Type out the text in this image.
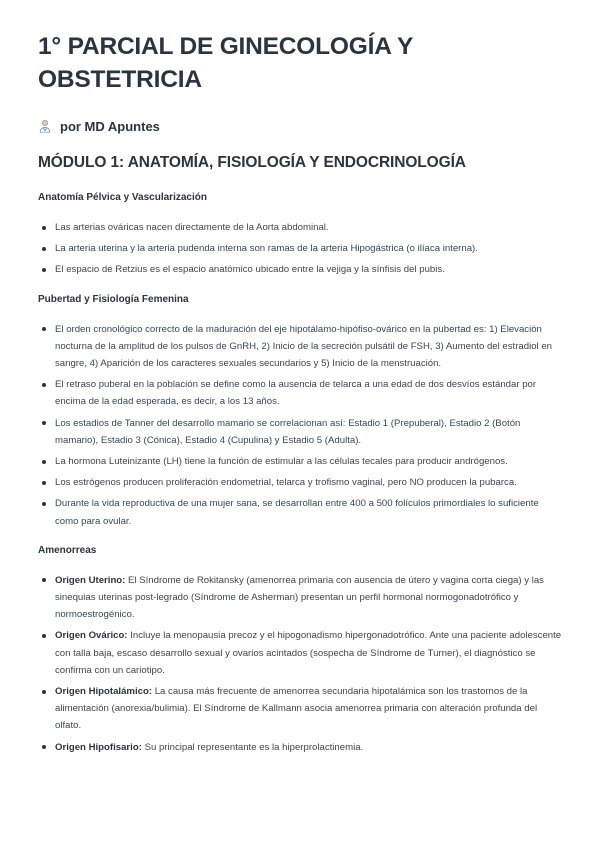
1° PARCIAL DE GINECOLOGÍA Y OBSTETRICIA
por MD Apuntes
MÓDULO 1: ANATOMÍA, FISIOLOGÍA Y ENDOCRINOLOGÍA
Anatomía Pélvica y Vascularización
Las arterias ováricas nacen directamente de la Aorta abdominal.
La arteria uterina y la arteria pudenda interna son ramas de la arteria Hipogástrica (o ilíaca interna).
El espacio de Retzius es el espacio anatómico ubicado entre la vejiga y la sínfisis del pubis.
Pubertad y Fisiología Femenina
El orden cronológico correcto de la maduración del eje hipotálamo-hipófiso-ovárico en la pubertad es: 1) Elevación nocturna de la amplitud de los pulsos de GnRH, 2) Inicio de la secreción pulsátil de FSH, 3) Aumento del estradiol en sangre, 4) Aparición de los caracteres sexuales secundarios y 5) Inicio de la menstruación.
El retraso puberal en la población se define como la ausencia de telarca a una edad de dos desvíos estándar por encima de la edad esperada, es decir, a los 13 años.
Los estadios de Tanner del desarrollo mamario se correlacionan así: Estadio 1 (Prepuberal), Estadio 2 (Botón mamario), Estadio 3 (Cónica), Estadio 4 (Cupulina) y Estadio 5 (Adulta).
La hormona Luteinizante (LH) tiene la función de estimular a las células tecales para producir andrógenos.
Los estrógenos producen proliferación endometrial, telarca y trofismo vaginal, pero NO producen la pubarca.
Durante la vida reproductiva de una mujer sana, se desarrollan entre 400 a 500 folículos primordiales lo suficiente como para ovular.
Amenorreas
Origen Uterino: El Síndrome de Rokitansky (amenorrea primaria con ausencia de útero y vagina corta ciega) y las sinequias uterinas post-legrado (Síndrome de Asherman) presentan un perfil hormonal normogonadotrófico y normoestrogénico.
Origen Ovárico: Incluye la menopausia precoz y el hipogonadismo hipergonadotrófico. Ante una paciente adolescente con talla baja, escaso desarrollo sexual y ovarios acintados (sospecha de Síndrome de Turner), el diagnóstico se confirma con un cariotipo.
Origen Hipotalámico: La causa más frecuente de amenorrea secundaria hipotalámica son los trastornos de la alimentación (anorexia/bulimia). El Síndrome de Kallmann asocia amenorrea primaria con alteración profunda del olfato.
Origen Hipofisario: Su principal representante es la hiperprolactinemia.
